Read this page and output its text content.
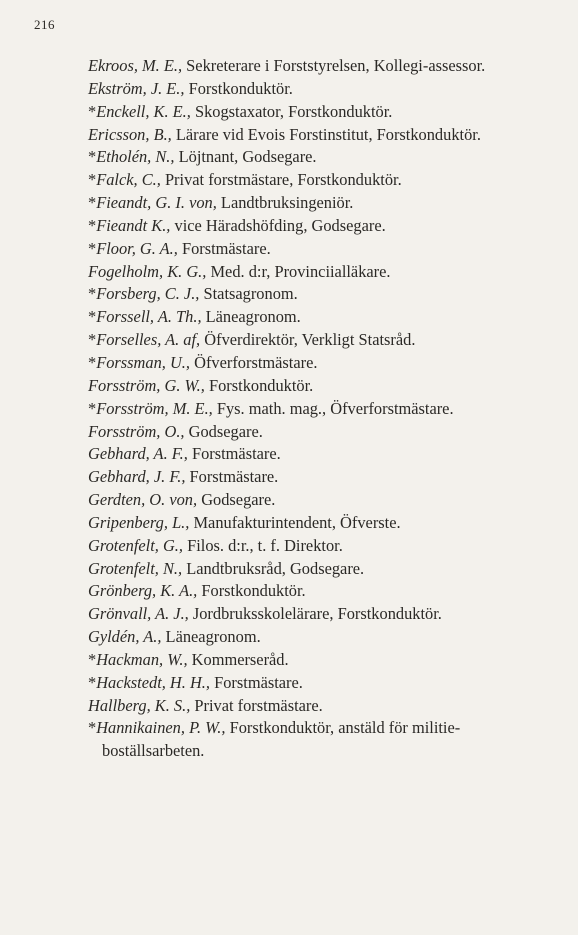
216
Ekroos, M. E., Sekreterare i Forststyrelsen, Kollegi-assessor.
Ekström, J. E., Forstkonduktör.
*Enckell, K. E., Skogstaxator, Forstkonduktör.
Ericsson, B., Lärare vid Evois Forstinstitut, Forstkonduktör.
*Etholén, N., Löjtnant, Godsegare.
*Falck, C., Privat forstmästare, Forstkonduktör.
*Fieandt, G. I. von, Landtbruksingeniör.
*Fieandt K., vice Häradshöfding, Godsegare.
*Floor, G. A., Forstmästare.
Fogelholm, K. G., Med. d:r, Provinciialläkare.
*Forsberg, C. J., Statsagronom.
*Forssell, A. Th., Läneagronom.
*Forselles, A. af, Öfverdirektör, Verkligt Statsråd.
*Forssman, U., Öfverforstmästare.
Forsström, G. W., Forstkonduktör.
*Forsström, M. E., Fys. math. mag., Öfverforstmästare.
Forsström, O., Godsegare.
Gebhard, A. F., Forstmästare.
Gebhard, J. F., Forstmästare.
Gerdten, O. von, Godsegare.
Gripenberg, L., Manufakturintendent, Öfverste.
Grotenfelt, G., Filos. d:r., t. f. Direktor.
Grotenfelt, N., Landtbruksråd, Godsegare.
Grönberg, K. A., Forstkonduktör.
Grönvall, A. J., Jordbruksskolelärare, Forstkonduktör.
Gyldén, A., Läneagronom.
*Hackman, W., Kommerseråd.
*Hackstedt, H. H., Forstmästare.
Hallberg, K. S., Privat forstmästare.
*Hannikainen, P. W., Forstkonduktör, anstäld för militie-boställsarbeten.
